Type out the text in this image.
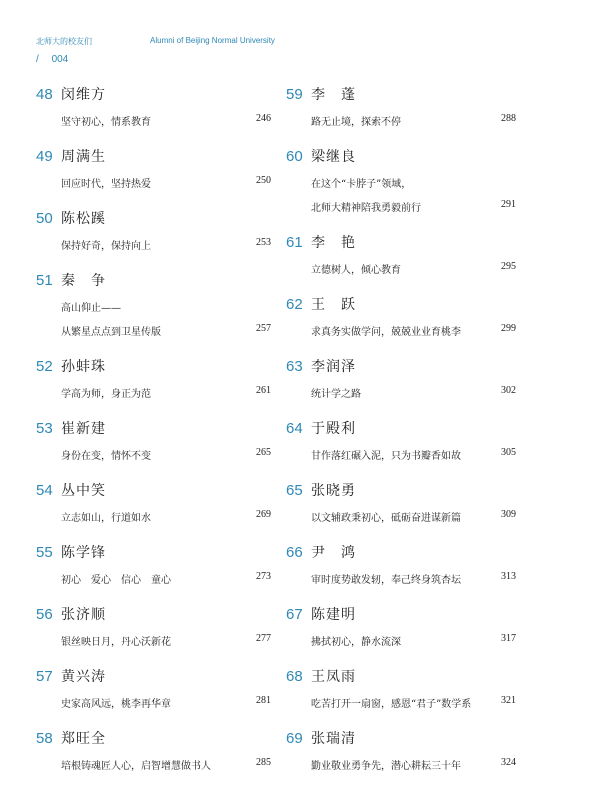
北师大的校友们	Alumni of Beijing Normal University
/ 004
48 闵维方
坚守初心，情系教育	246
49 周满生
回应时代，坚持热爱	250
50 陈松蹊
保持好奇，保持向上	253
51 秦　争
高山仰止——
从繁星点点到卫星传版	257
52 孙蚌珠
学高为师，身正为范	261
53 崔新建
身份在变，情怀不变	265
54 丛中笑
立志如山，行道如水	269
55 陈学锋
初心　爱心　信心　童心	273
56 张济顺
银丝映日月，丹心沃新花	277
57 黄兴涛
史家高风远，桃李再华章	281
58 郑旺全
培根铸魂匠人心，启智增慧做书人	285
59 李　蓬
路无止境，探索不停	288
60 梁继良
在这个“卡脖子”领域，
北师大精神陪我勇毅前行	291
61 李　艳
立德树人，倾心教育	295
62 王　跃
求真务实做学问，兢兢业业育桃李	299
63 李润泽
统计学之路	302
64 于殿利
甘作落红碾入泥，只为书瓣香如故	305
65 张晓勇
以文辅政秉初心，砥砺奋进谋新篇	309
66 尹　鸿
审时度势敢发轫，奉己终身筑杏坛	313
67 陈建明
拂拭初心，静水流深	317
68 王凤雨
吃苦打开一扇窗，感恩“君子”数学系	321
69 张瑞清
勤业敬业勇争先，潜心耕耘三十年	324
